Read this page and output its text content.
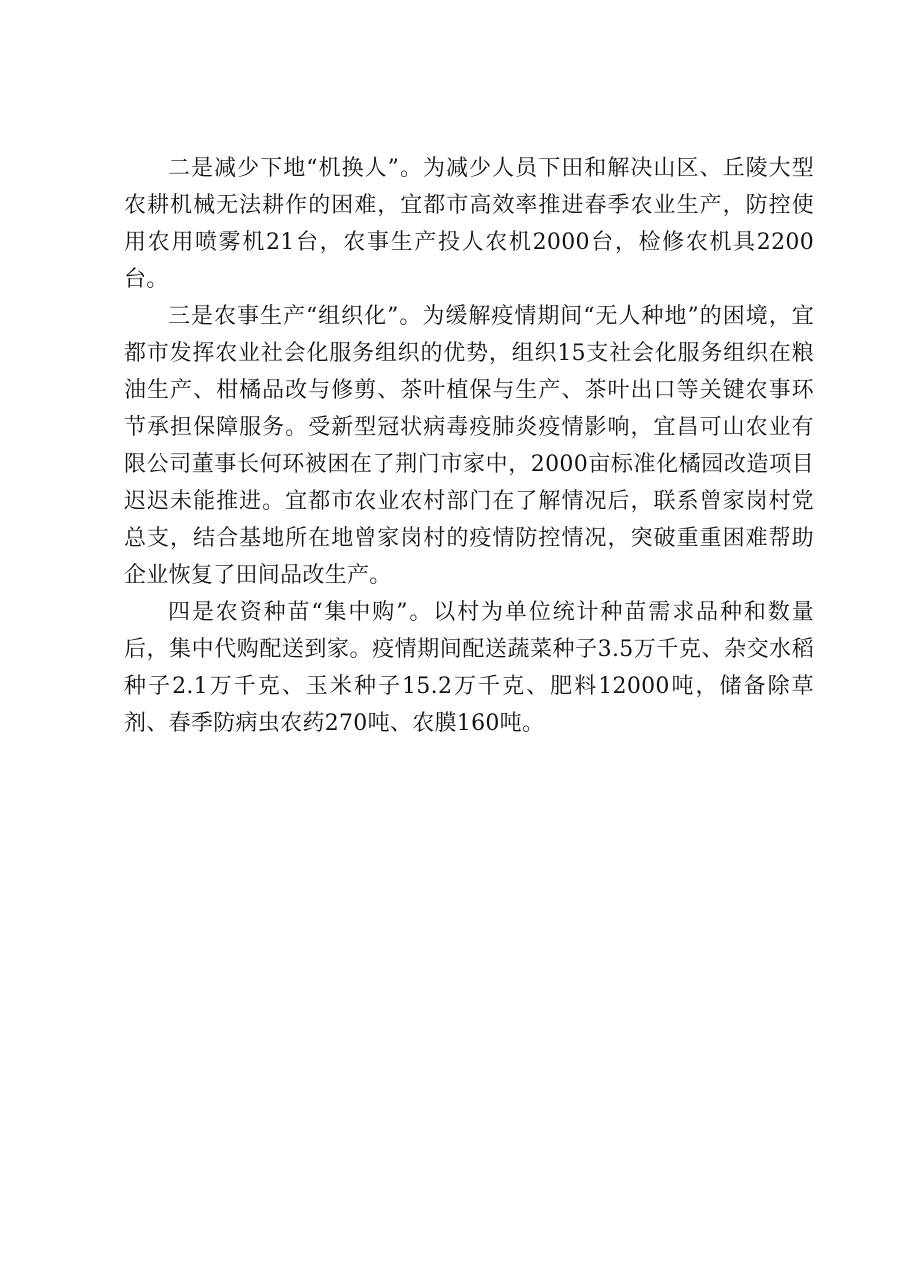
二是减少下地“机换人”。为减少人员下田和解决山区、丘陵大型农耕机械无法耕作的困难，宜都市高效率推进春季农业生产，防控使用农用喷雾机21台，农事生产投人农机2000台，检修农机具2200台。

三是农事生产“组织化”。为缓解疫情期间“无人种地”的困境，宜都市发挥农业社会化服务组织的优势，组织15支社会化服务组织在粮油生产、柑橘品改与修剪、茶叶植保与生产、茶叶出口等关键农事环节承担保障服务。受新型冠状病毒疫肺炎疫情影响，宜昌可山农业有限公司董事长何环被困在了荆门市家中，2000亩标准化橘园改造项目迟迟未能推进。宜都市农业农村部门在了解情况后，联系曾家岗村党总支，结合基地所在地曾家岗村的疫情防控情况，突破重重困难帮助企业恢复了田间品改生产。

四是农资种苗“集中购”。以村为单位统计种苗需求品种和数量后，集中代购配送到家。疫情期间配送蔬菜种子3.5万千克、杂交水稻种子2.1万千克、玉米种子15.2万千克、肥料12000吨，储备除草剂、春季防病虫农药270吨、农膜160吨。
